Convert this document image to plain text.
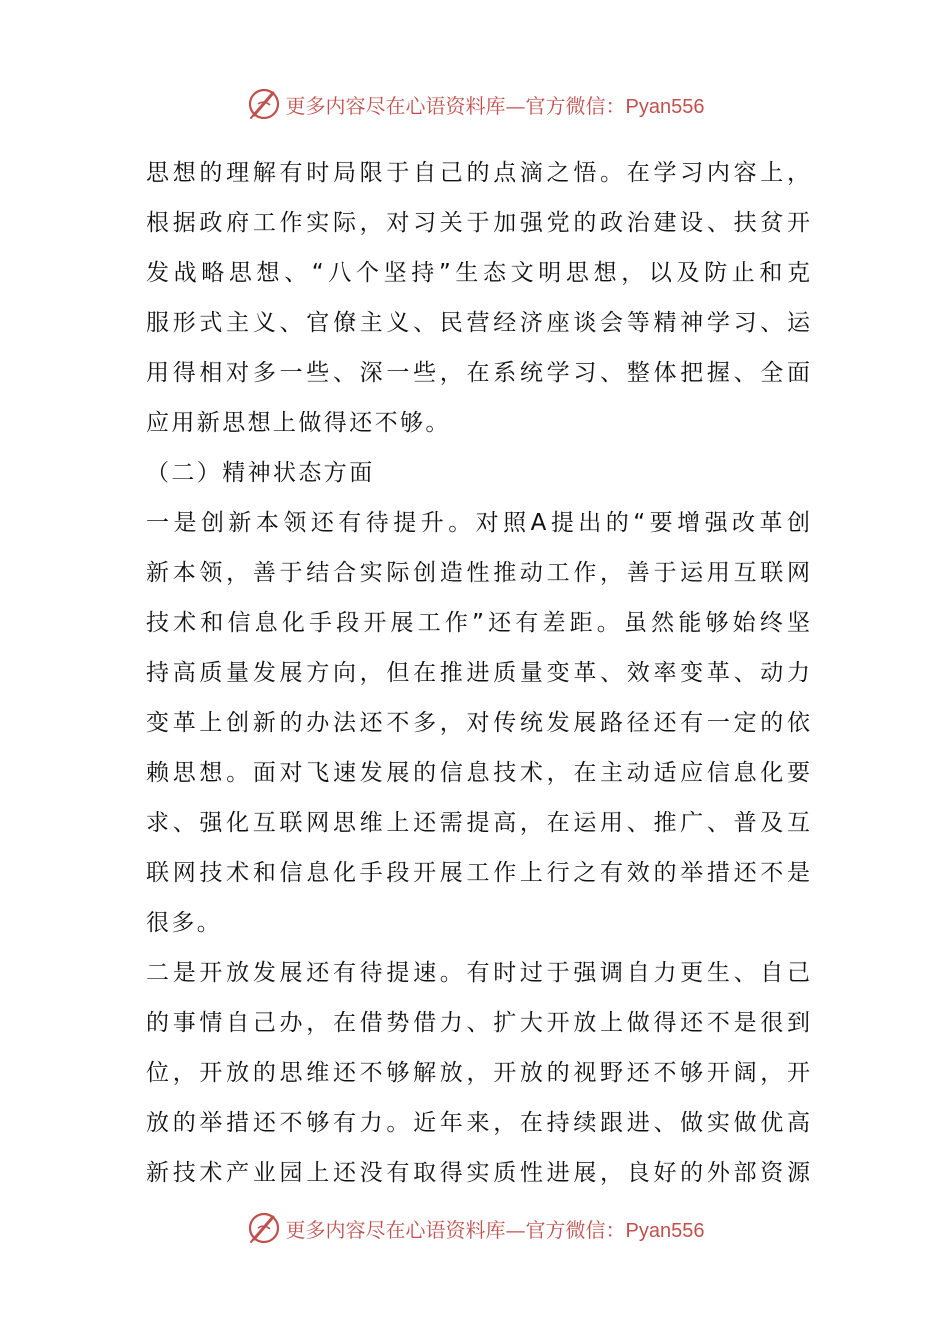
更多内容尽在心语资料库—官方微信：Pyan556
思想的理解有时局限于自己的点滴之悟。在学习内容上，
根据政府工作实际，对习关于加强党的政治建设、扶贫开
发战略思想、“八个坚持”生态文明思想，以及防止和克
服形式主义、官僚主义、民营经济座谈会等精神学习、运
用得相对多一些、深一些，在系统学习、整体把握、全面
应用新思想上做得还不够。
（二）精神状态方面
一是创新本领还有待提升。对照A提出的“要增强改革创
新本领，善于结合实际创造性推动工作，善于运用互联网
技术和信息化手段开展工作”还有差距。虽然能够始终坚
持高质量发展方向，但在推进质量变革、效率变革、动力
变革上创新的办法还不多，对传统发展路径还有一定的依
赖思想。面对飞速发展的信息技术，在主动适应信息化要
求、强化互联网思维上还需提高，在运用、推广、普及互
联网技术和信息化手段开展工作上行之有效的举措还不是
很多。
二是开放发展还有待提速。有时过于强调自力更生、自己
的事情自己办，在借势借力、扩大开放上做得还不是很到
位，开放的思维还不够解放，开放的视野还不够开阔，开
放的举措还不够有力。近年来，在持续跟进、做实做优高
新技术产业园上还没有取得实质性进展，良好的外部资源
更多内容尽在心语资料库—官方微信：Pyan556
